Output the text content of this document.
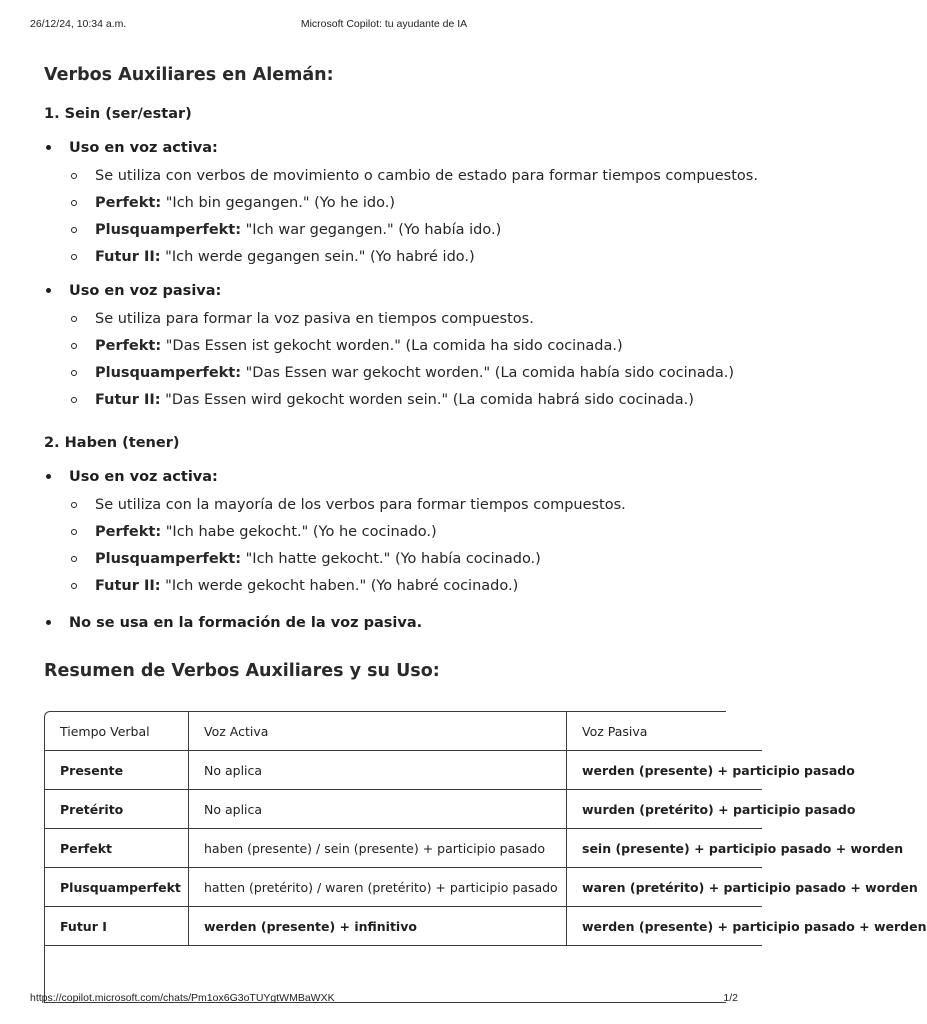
26/12/24, 10:34 a.m.	Microsoft Copilot: tu ayudante de IA
Verbos Auxiliares en Alemán:
1. Sein (ser/estar)
Uso en voz activa:
Se utiliza con verbos de movimiento o cambio de estado para formar tiempos compuestos.
Perfekt: "Ich bin gegangen." (Yo he ido.)
Plusquamperfekt: "Ich war gegangen." (Yo había ido.)
Futur II: "Ich werde gegangen sein." (Yo habré ido.)
Uso en voz pasiva:
Se utiliza para formar la voz pasiva en tiempos compuestos.
Perfekt: "Das Essen ist gekocht worden." (La comida ha sido cocinada.)
Plusquamperfekt: "Das Essen war gekocht worden." (La comida había sido cocinada.)
Futur II: "Das Essen wird gekocht worden sein." (La comida habrá sido cocinada.)
2. Haben (tener)
Uso en voz activa:
Se utiliza con la mayoría de los verbos para formar tiempos compuestos.
Perfekt: "Ich habe gekocht." (Yo he cocinado.)
Plusquamperfekt: "Ich hatte gekocht." (Yo había cocinado.)
Futur II: "Ich werde gekocht haben." (Yo habré cocinado.)
No se usa en la formación de la voz pasiva.
Resumen de Verbos Auxiliares y su Uso:
Tiempo Verbal	Voz Activa	Voz Pasiva
Presente	No aplica	werden (presente) + participio pasado
Pretérito	No aplica	wurden (pretérito) + participio pasado
Perfekt	haben (presente) / sein (presente) + participio pasado	sein (presente) + participio pasado + worden
Plusquamperfekt	hatten (pretérito) / waren (pretérito) + participio pasado	waren (pretérito) + participio pasado + worden
Futur I	werden (presente) + infinitivo	werden (presente) + participio pasado + werden
https://copilot.microsoft.com/chats/Pm1ox6G3oTUYgtWMBaWXK	1/2
